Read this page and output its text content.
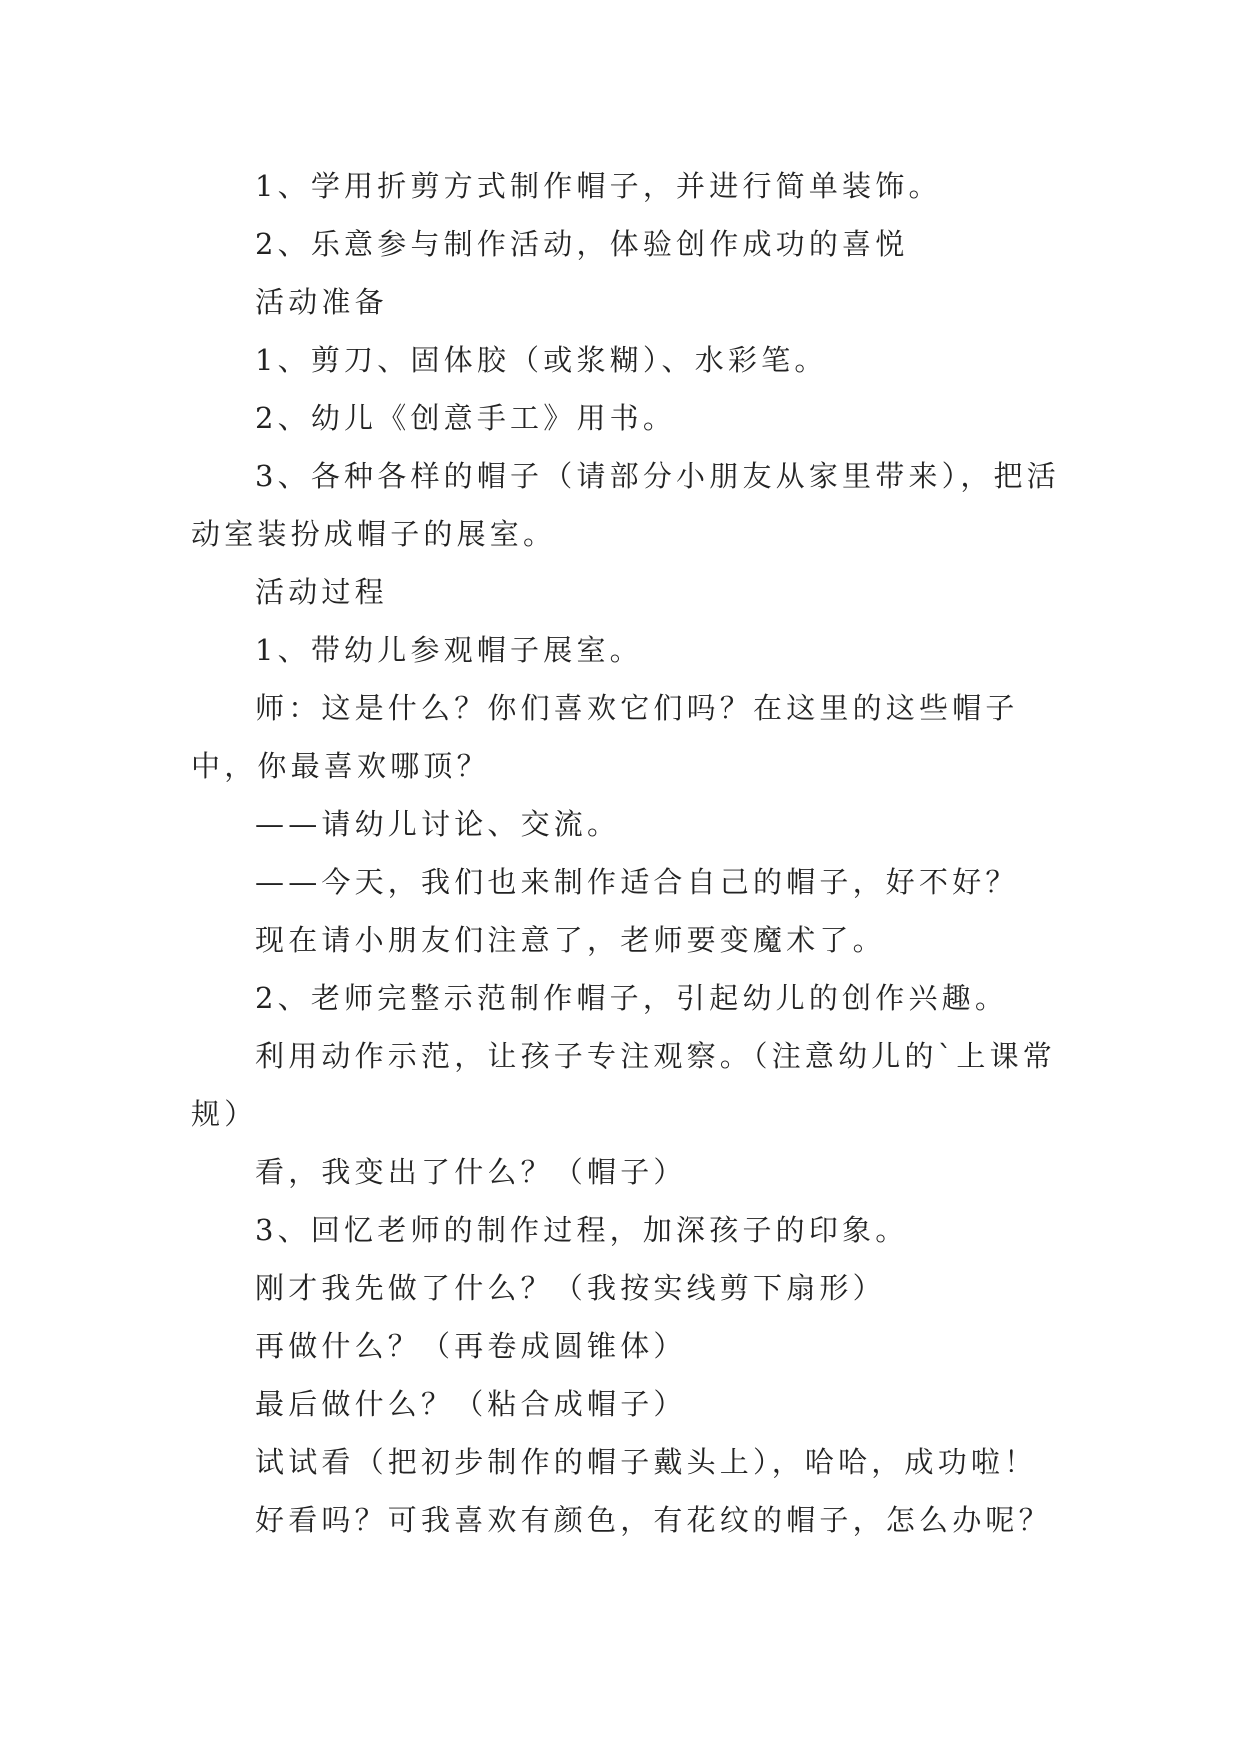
1、学用折剪方式制作帽子，并进行简单装饰。

2、乐意参与制作活动，体验创作成功的喜悦

活动准备

1、剪刀、固体胶（或浆糊）、水彩笔。

2、幼儿《创意手工》用书。

3、各种各样的帽子（请部分小朋友从家里带来），把活动室装扮成帽子的展室。

活动过程

1、带幼儿参观帽子展室。

师：这是什么？你们喜欢它们吗？在这里的这些帽子中，你最喜欢哪顶？

——请幼儿讨论、交流。

——今天，我们也来制作适合自己的帽子，好不好？

现在请小朋友们注意了，老师要变魔术了。

2、老师完整示范制作帽子，引起幼儿的创作兴趣。

利用动作示范，让孩子专注观察。（注意幼儿的`上课常规）

看，我变出了什么？（帽子）

3、回忆老师的制作过程，加深孩子的印象。

刚才我先做了什么？（我按实线剪下扇形）

再做什么？（再卷成圆锥体）

最后做什么？（粘合成帽子）

试试看（把初步制作的帽子戴头上），哈哈，成功啦！

好看吗？可我喜欢有颜色，有花纹的帽子，怎么办呢？
